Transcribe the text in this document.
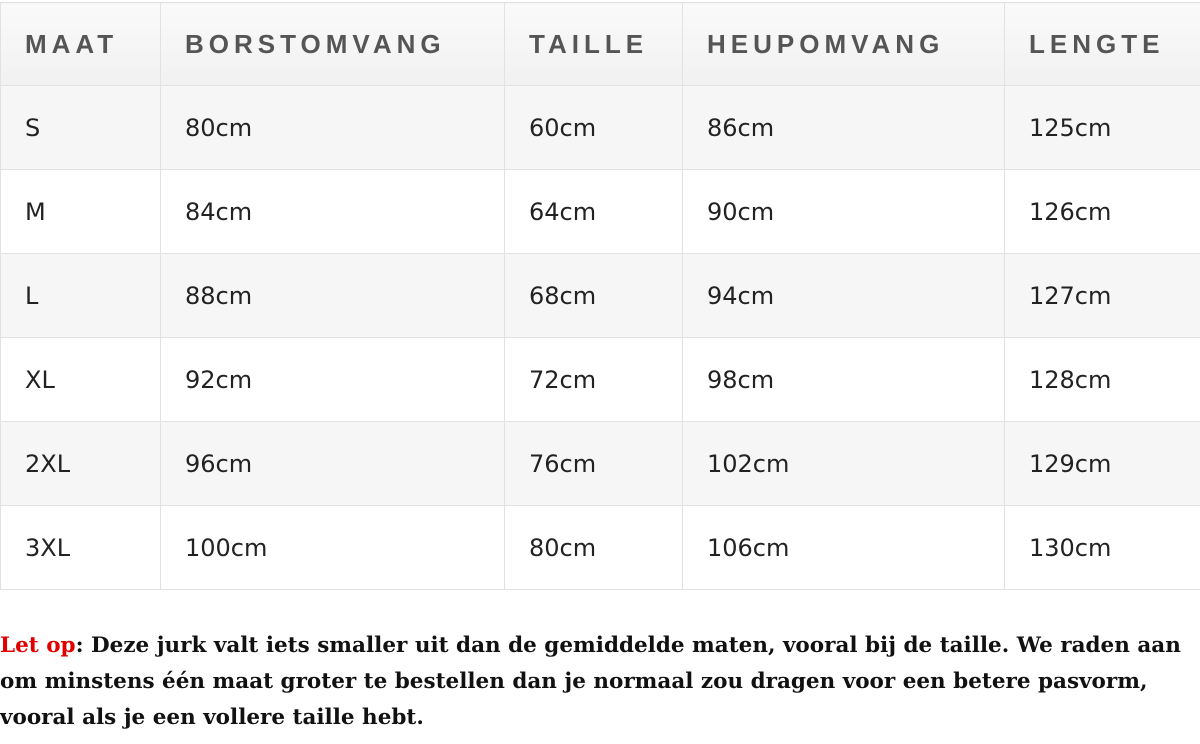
MAAT	BORSTOMVANG	TAILLE	HEUPOMVANG	LENGTE
S	80cm	60cm	86cm	125cm
M	84cm	64cm	90cm	126cm
L	88cm	68cm	94cm	127cm
XL	92cm	72cm	98cm	128cm
2XL	96cm	76cm	102cm	129cm
3XL	100cm	80cm	106cm	130cm

Let op: Deze jurk valt iets smaller uit dan de gemiddelde maten, vooral bij de taille. We raden aan om minstens één maat groter te bestellen dan je normaal zou dragen voor een betere pasvorm, vooral als je een vollere taille hebt.
